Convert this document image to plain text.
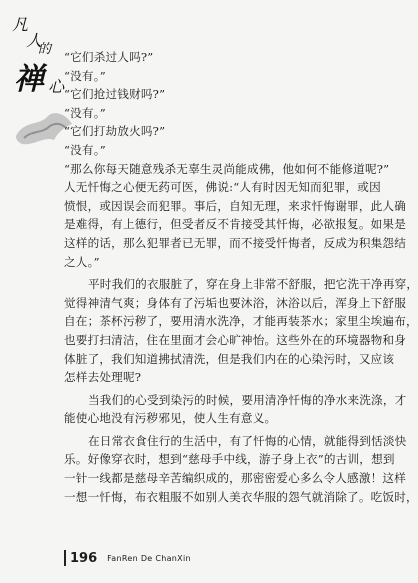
凡
人
的
禅 心
“它们杀过人吗?”
“没有。”
“它们抢过钱财吗?”
“没有。”
“它们打劫放火吗?”
“没有。”
“那么你每天随意残杀无辜生灵尚能成佛，他如何不能修道呢?”
人无忏悔之心便无药可医，佛说:“人有时因无知而犯罪，或因
愤恨，或因误会而犯罪。事后，自知无理，来求忏悔谢罪，此人确
是难得，有上德行，但受者反不肯接受其忏悔，必欲报复。如果是
这样的话，那么犯罪者已无罪，而不接受忏悔者，反成为积集怨结
之人。”
平时我们的衣服脏了，穿在身上非常不舒服，把它洗干净再穿，
觉得神清气爽；身体有了污垢也要沐浴，沐浴以后，浑身上下舒服
自在；茶杯污秽了，要用清水洗净，才能再装茶水；家里尘埃遍布，
也要打扫清洁，住在里面才会心旷神怡。这些外在的环境器物和身
体脏了，我们知道拂拭清洗，但是我们内在的心染污时，又应该
怎样去处理呢?
当我们的心受到染污的时候，要用清净忏悔的净水来洗涤，才
能使心地没有污秽邪见，使人生有意义。
在日常衣食住行的生活中，有了忏悔的心情，就能得到恬淡快
乐。好像穿衣时，想到“慈母手中线，游子身上衣”的古训，想到
一针一线都是慈母辛苦编织成的，那密密爱心多么令人感激！这样
一想一忏悔，布衣粗服不如别人美衣华服的怨气就消除了。吃饭时，
196 FanRen De ChanXin
